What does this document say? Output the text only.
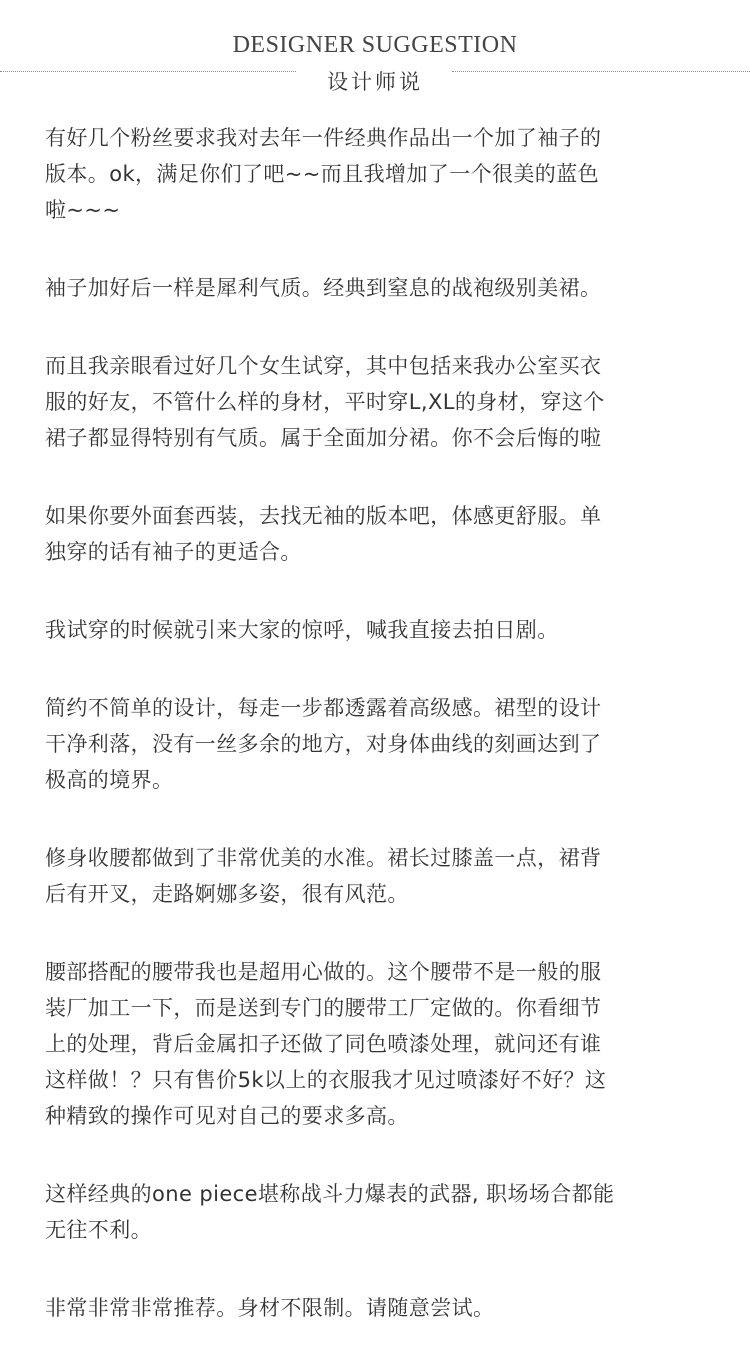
DESIGNER SUGGESTION
设计师说

有好几个粉丝要求我对去年一件经典作品出一个加了袖子的
版本。ok，满足你们了吧~~而且我增加了一个很美的蓝色
啦~~~

袖子加好后一样是犀利气质。经典到窒息的战袍级别美裙。

而且我亲眼看过好几个女生试穿，其中包括来我办公室买衣
服的好友，不管什么样的身材，平时穿L,XL的身材，穿这个
裙子都显得特别有气质。属于全面加分裙。你不会后悔的啦

如果你要外面套西装，去找无袖的版本吧，体感更舒服。单
独穿的话有袖子的更适合。

我试穿的时候就引来大家的惊呼，喊我直接去拍日剧。

简约不简单的设计，每走一步都透露着高级感。裙型的设计
干净利落，没有一丝多余的地方，对身体曲线的刻画达到了
极高的境界。

修身收腰都做到了非常优美的水准。裙长过膝盖一点，裙背
后有开叉，走路婀娜多姿，很有风范。

腰部搭配的腰带我也是超用心做的。这个腰带不是一般的服
装厂加工一下，而是送到专门的腰带工厂定做的。你看细节
上的处理，背后金属扣子还做了同色喷漆处理，就问还有谁
这样做！？只有售价5k以上的衣服我才见过喷漆好不好？这
种精致的操作可见对自己的要求多高。

这样经典的one piece堪称战斗力爆表的武器, 职场场合都能
无往不利。

非常非常非常推荐。身材不限制。请随意尝试。
